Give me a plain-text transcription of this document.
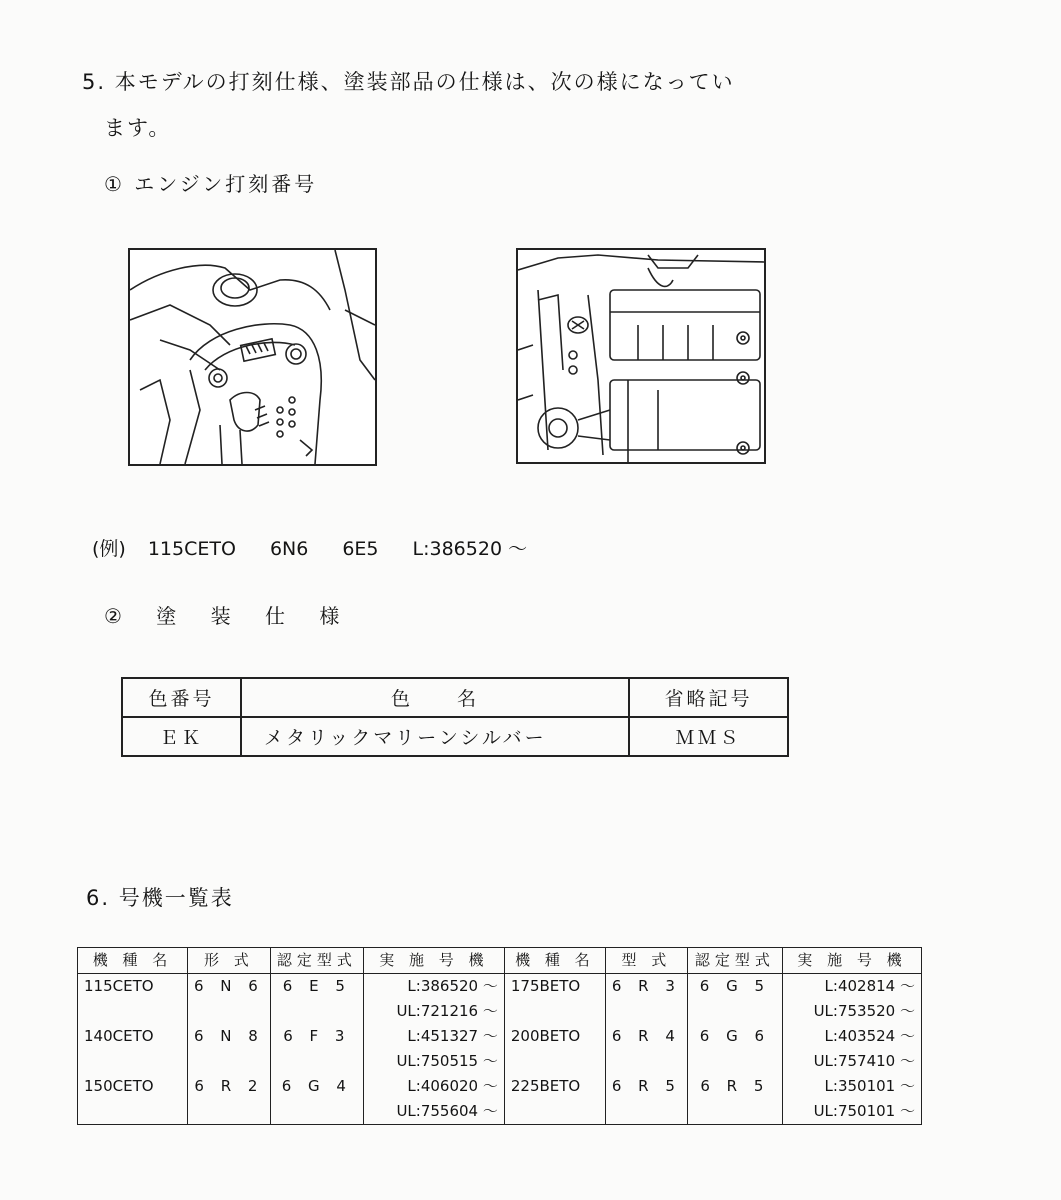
5. 本モデルの打刻仕様、塗装部品の仕様は、次の様になってい
ます。
① エンジン打刻番号
(例) 115CETO 6N6 6E5 L:386520 ～
② 塗 装 仕 様
色番号	色　　名	省略記号
ＥＫ	メタリックマリーンシルバー	ＭＭＳ
6. 号機一覧表
機 種 名	形 式	認定型式	実 施 号 機	機 種 名	型 式	認定型式	実 施 号 機
115CETO	6 N 6	6 E 5	L:386520 ～	175BETO	6 R 3	6 G 5	L:402814 ～
			UL:721216 ～				UL:753520 ～
140CETO	6 N 8	6 F 3	L:451327 ～	200BETO	6 R 4	6 G 6	L:403524 ～
			UL:750515 ～				UL:757410 ～
150CETO	6 R 2	6 G 4	L:406020 ～	225BETO	6 R 5	6 R 5	L:350101 ～
			UL:755604 ～				UL:750101 ～
